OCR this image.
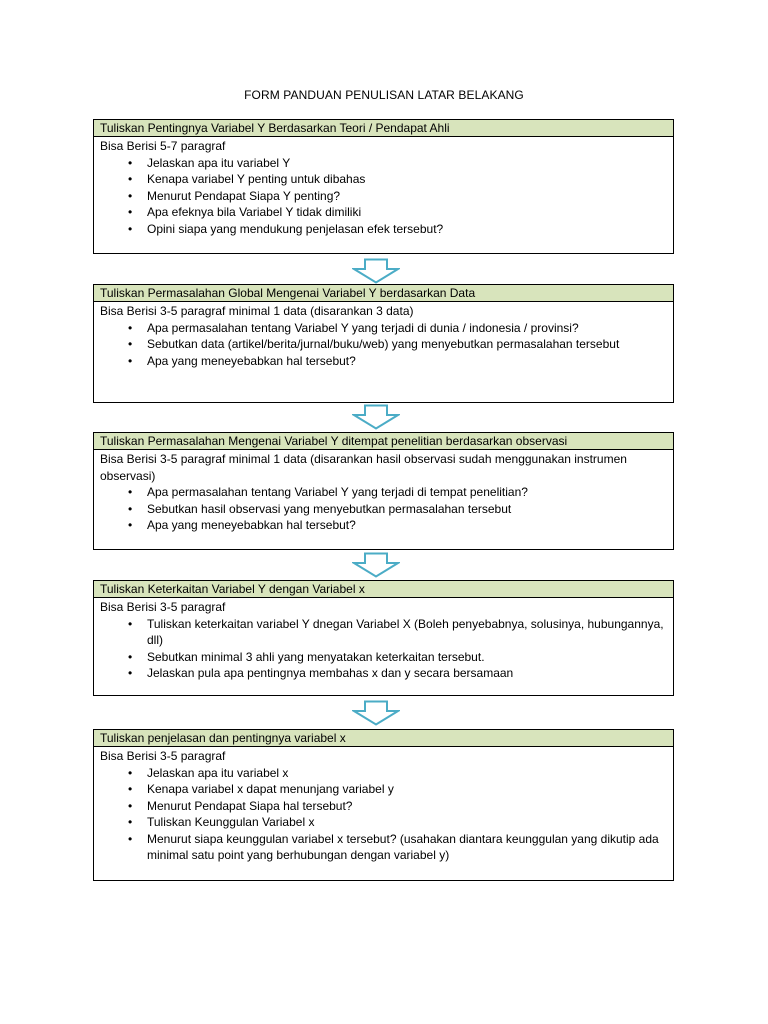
FORM PANDUAN PENULISAN LATAR BELAKANG
Tuliskan Pentingnya Variabel Y Berdasarkan Teori / Pendapat Ahli

Bisa Berisi 5-7 paragraf

• Jelaskan apa itu variabel Y
• Kenapa variabel Y penting untuk dibahas
• Menurut Pendapat Siapa Y penting?
• Apa efeknya bila Variabel Y tidak dimiliki
• Opini siapa yang mendukung penjelasan efek tersebut?
Tuliskan Permasalahan Global Mengenai Variabel Y berdasarkan Data

Bisa Berisi 3-5 paragraf minimal 1 data (disarankan 3 data)

• Apa permasalahan tentang Variabel Y yang terjadi di dunia / indonesia / provinsi?
• Sebutkan data (artikel/berita/jurnal/buku/web) yang menyebutkan permasalahan tersebut
• Apa yang meneyebabkan hal tersebut?
Tuliskan Permasalahan Mengenai Variabel Y ditempat penelitian berdasarkan observasi

Bisa Berisi 3-5 paragraf minimal 1 data (disarankan hasil observasi sudah menggunakan instrumen observasi)

• Apa permasalahan tentang Variabel Y yang terjadi di tempat penelitian?
• Sebutkan hasil observasi yang menyebutkan permasalahan tersebut
• Apa yang meneyebabkan hal tersebut?
Tuliskan Keterkaitan Variabel Y dengan Variabel x

Bisa Berisi 3-5 paragraf

• Tuliskan keterkaitan variabel Y dnegan Variabel X (Boleh penyebabnya, solusinya, hubungannya, dll)
• Sebutkan minimal 3 ahli yang menyatakan keterkaitan tersebut.
• Jelaskan pula apa pentingnya membahas x dan y secara bersamaan
Tuliskan penjelasan dan pentingnya variabel x

Bisa Berisi 3-5 paragraf

• Jelaskan apa itu variabel x
• Kenapa variabel x dapat menunjang variabel y
• Menurut Pendapat Siapa hal tersebut?
• Tuliskan Keunggulan Variabel x
• Menurut siapa keunggulan variabel x tersebut? (usahakan diantara keunggulan yang dikutip ada minimal satu point yang berhubungan dengan variabel y)
